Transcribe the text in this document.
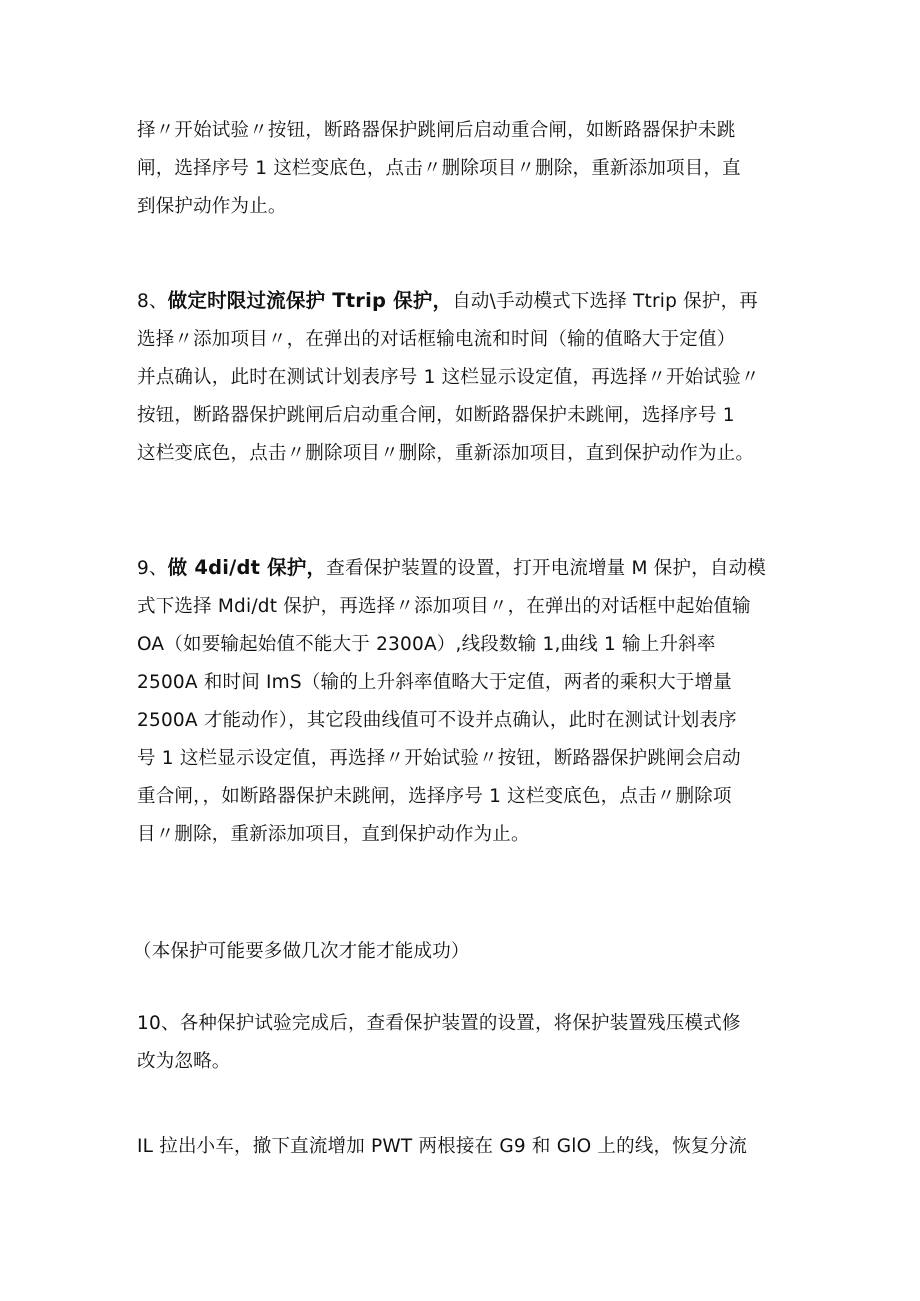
择〃开始试验〃按钮，断路器保护跳闸后启动重合闸，如断路器保护未跳
闸，选择序号 1 这栏变底色，点击〃删除项目〃删除，重新添加项目，直
到保护动作为止。

8、做定时限过流保护 Ttrip 保护，自动\手动模式下选择 Ttrip 保护，再
选择〃添加项目〃，在弹出的对话框输电流和时间（输的值略大于定值）
并点确认，此时在测试计划表序号 1 这栏显示设定值，再选择〃开始试验〃
按钮，断路器保护跳闸后启动重合闸，如断路器保护未跳闸，选择序号 1
这栏变底色，点击〃删除项目〃删除，重新添加项目，直到保护动作为止。

9、做 4di/dt 保护，查看保护装置的设置，打开电流增量 M 保护，自动模
式下选择 Mdi/dt 保护，再选择〃添加项目〃，在弹出的对话框中起始值输
OA（如要输起始值不能大于 2300A）,线段数输 1,曲线 1 输上升斜率
2500A 和时间 ImS（输的上升斜率值略大于定值，两者的乘积大于增量
2500A 才能动作），其它段曲线值可不设并点确认，此时在测试计划表序
号 1 这栏显示设定值，再选择〃开始试验〃按钮，断路器保护跳闸会启动
重合闸，，如断路器保护未跳闸，选择序号 1 这栏变底色，点击〃删除项
目〃删除，重新添加项目，直到保护动作为止。

（本保护可能要多做几次才能才能成功）

10、各种保护试验完成后，查看保护装置的设置，将保护装置残压模式修
改为忽略。

IL 拉出小车，撤下直流增加 PWT 两根接在 G9 和 GlO 上的线，恢复分流
